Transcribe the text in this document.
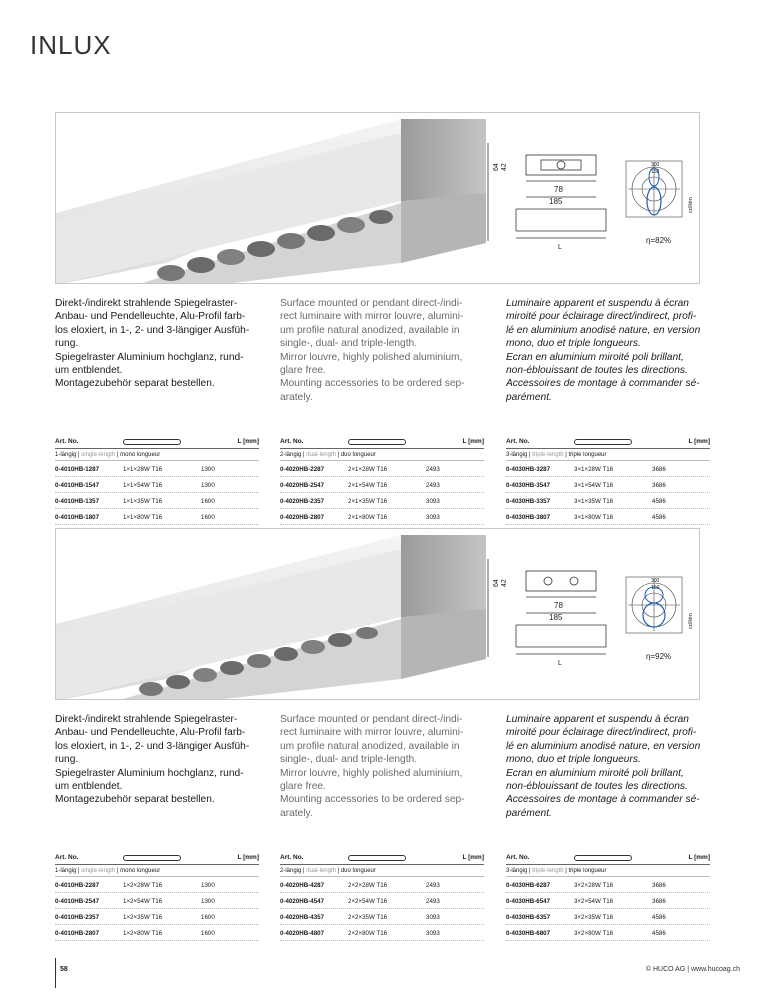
INLUX
64 42
78
185
L
150
300
cd/klm
η=82%
Direkt-/indirekt strahlende Spiegelraster-
Anbau- und Pendelleuchte, Alu-Profil farb-
los eloxiert, in 1-, 2- und 3-längiger Ausfüh-
rung.
Spiegelraster Aluminium hochglanz, rund-
um entblendet.
Montagezubehör separat bestellen.
Surface mounted or pendant direct-/indi-
rect luminaire with mirror louvre, alumini-
um profile natural anodized, available in
single-, dual- and triple-length.
Mirror louvre, highly polished aluminium,
glare free.
Mounting accessories to be ordered sep-
arately.
Luminaire apparent et suspendu à écran
miroité pour éclairage direct/indirect, profi-
lé en aluminium anodisé nature, en version
mono, duo et triple longueurs.
Ecran en aluminium miroité poli brillant,
non-éblouissant de toutes les directions.
Accessoires de montage à commander sé-
parément.
Art. No.	L [mm]
1-längig | single-length | mono longueur
0-4010HB-1287	1×1×28W T16	1300
0-4010HB-1547	1×1×54W T16	1300
0-4010HB-1357	1×1×35W T16	1600
0-4010HB-1807	1×1×80W T16	1600
Art. No.	L [mm]
2-längig | dual-length | duo longueur
0-4020HB-2287	2×1×28W T16	2493
0-4020HB-2547	2×1×54W T16	2493
0-4020HB-2357	2×1×35W T16	3093
0-4020HB-2807	2×1×80W T16	3093
Art. No.	L [mm]
3-längig | triple-length | triple longueur
0-4030HB-3287	3×1×28W T16	3686
0-4030HB-3547	3×1×54W T16	3686
0-4030HB-3357	3×1×35W T16	4586
0-4030HB-3807	3×1×80W T16	4586
64 42
78
185
L
150
300
cd/klm
η=92%
Direkt-/indirekt strahlende Spiegelraster-
Anbau- und Pendelleuchte, Alu-Profil farb-
los eloxiert, in 1-, 2- und 3-längiger Ausfüh-
rung.
Spiegelraster Aluminium hochglanz, rund-
um entblendet.
Montagezubehör separat bestellen.
Surface mounted or pendant direct-/indi-
rect luminaire with mirror louvre, alumini-
um profile natural anodized, available in
single-, dual- and triple-length.
Mirror louvre, highly polished aluminium,
glare free.
Mounting accessories to be ordered sep-
arately.
Luminaire apparent et suspendu à écran
miroité pour éclairage direct/indirect, profi-
lé en aluminium anodisé nature, en version
mono, duo et triple longueurs.
Ecran en aluminium miroité poli brillant,
non-éblouissant de toutes les directions.
Accessoires de montage à commander sé-
parément.
Art. No.	L [mm]
1-längig | single-length | mono longueur
0-4010HB-2287	1×2×28W T16	1300
0-4010HB-2547	1×2×54W T16	1300
0-4010HB-2357	1×2×35W T16	1600
0-4010HB-2807	1×2×80W T16	1600
Art. No.	L [mm]
2-längig | dual-length | duo longueur
0-4020HB-4287	2×2×28W T16	2493
0-4020HB-4547	2×2×54W T16	2493
0-4020HB-4357	2×2×35W T16	3093
0-4020HB-4807	2×2×80W T16	3093
Art. No.	L [mm]
3-längig | triple-length | triple longueur
0-4030HB-6287	3×2×28W T16	3686
0-4030HB-6547	3×2×54W T16	3686
0-4030HB-6357	3×2×35W T16	4586
0-4030HB-6807	3×2×80W T16	4586
58	© HUCO AG | www.hucoag.ch
